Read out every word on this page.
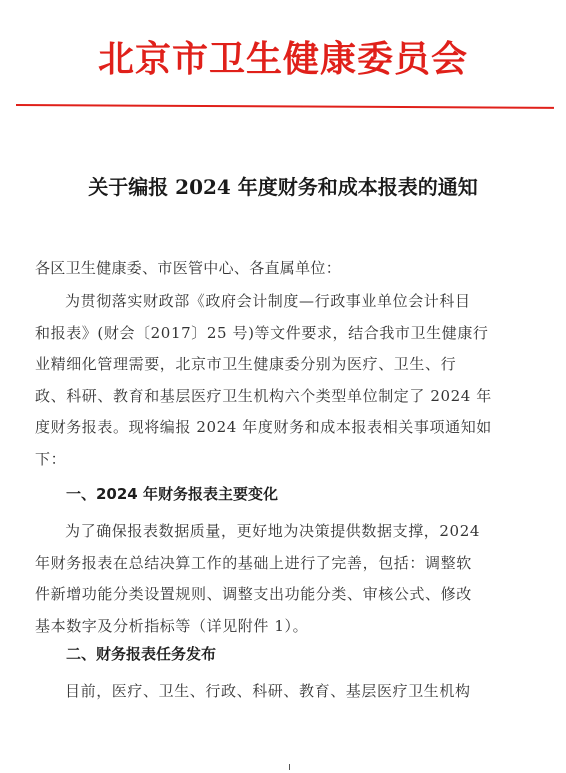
北京市卫生健康委员会
关于编报 2024 年度财务和成本报表的通知
各区卫生健康委、市医管中心、各直属单位：
为贯彻落实财政部《政府会计制度—行政事业单位会计科目
和报表》(财会〔2017〕25 号)等文件要求，结合我市卫生健康行
业精细化管理需要，北京市卫生健康委分别为医疗、卫生、行
政、科研、教育和基层医疗卫生机构六个类型单位制定了 2024 年
度财务报表。现将编报 2024 年度财务和成本报表相关事项通知如
下：
一、2024 年财务报表主要变化
为了确保报表数据质量，更好地为决策提供数据支撑，2024
年财务报表在总结决算工作的基础上进行了完善，包括：调整软
件新增功能分类设置规则、调整支出功能分类、审核公式、修改
基本数字及分析指标等（详见附件 1）。
二、财务报表任务发布
目前，医疗、卫生、行政、科研、教育、基层医疗卫生机构
